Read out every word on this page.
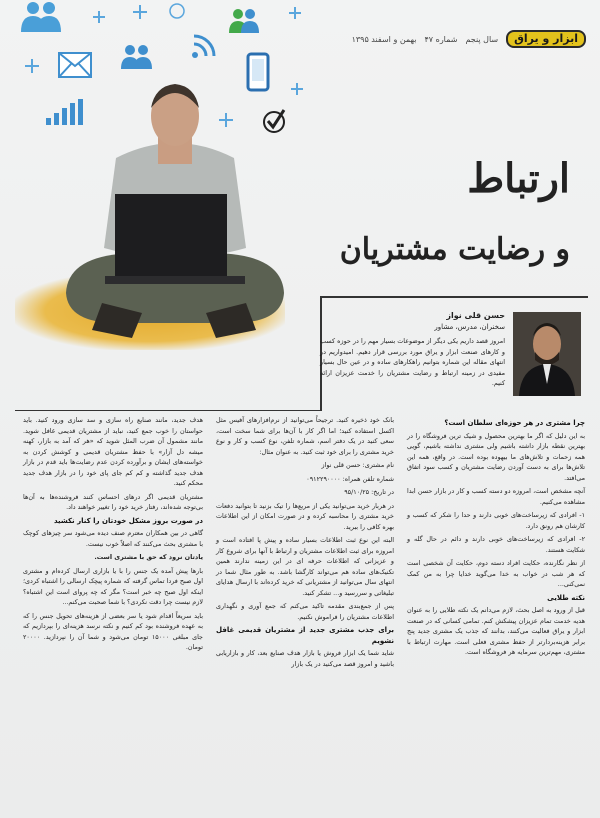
ابزار و یراق
سال پنجم
شماره ۴۷
بهمن و اسفند ۱۳۹۵
ارتباط
و رضایت مشتریان
حسن قلی نواز
سخنران، مدرس، مشاور
امروز قصد داریم یکی دیگر از موضوعات بسیار مهم را در حوزه کسب و کارهای صنعت ابزار و یراق مورد بررسی قرار دهیم. امیدواریم در انتهای مقاله این شماره بتوانیم راهکارهای ساده و در عین حال بسیار مفیدی در زمینه ارتباط و رضایت مشتریان را خدمت عزیزان ارائه کنیم.
چرا مشتری در هر حوزه‌ای سلطان است؟

به این دلیل که اگر ما بهترین محصول و شیک ترین فروشگاه را در بهترین نقطه بازار داشته باشیم ولی مشتری نداشته باشیم، گویی همه زحمات و تلاش‌های ما بیهوده بوده است. در واقع، همه این تلاش‌ها برای به دست آوردن رضایت مشتریان و کسب سود اتفاق می‌افتد.

آنچه مشخص است، امروزه دو دسته کسب و کار در بازار حسن ابدا مشاهده می‌کنیم.

۱- افرادی که زیرساخت‌های خوبی دارند و حدا را شکر که کسب و کارشان هم رونق دارد.

۲- افرادی که زیرساخت‌های خوبی دارند و دائم در حال گله و شکایت هستند.

از نظر نگارنده، حکایت افراد دسته دوم، حکایت آن شخصی است که هر شب در خواب به خدا می‌گوید خدایا چرا به من کمک نمی‌کنی...

نکته طلایی

قبل از ورود به اصل بحث، لازم می‌دانم یک نکته طلایی را به عنوان هدیه خدمت تمام عزیزان پیشکش کنم. تمامی کسانی که در صنعت ابزار و یراق فعالیت می‌کنند، بدانند که جذب یک مشتری جدید پنج برابر هزینه‌بردارتر از حفظ مشتری فعلی است. مهارت ارتباط با مشتری، مهم‌ترین سرمایه هر فروشگاه است.

بانک خود ذخیره کنید. ترجیحاً می‌توانید از نرم‌افزارهای آفیس مثل اکسل استفاده کنید؛ اما اگر کار با آن‌ها برای شما سخت است، سعی کنید در یک دفتر اسم، شماره تلفن، نوع کسب و کار و نوع خرید مشتری را برای خود ثبت کنید. به عنوان مثال:

نام مشتری: حسن قلی نواز

شماره تلفن همراه: ۰۹۱۲۲۹۰۰۰۰

در تاریخ: ۹۵/۱۰/۲۵

در هربار خرید می‌توانید یکی از مربع‌ها را تیک بزنید تا بتوانید دفعات خرید مشتری را محاسبه کرده و در صورت امکان از این اطلاعات بهره کافی را ببرید.

البته این نوع ثبت اطلاعات بسیار ساده و پیش پا افتاده است و امروزه برای ثبت اطلاعات مشتریان و ارتباط با آنها برای شروع کار و عزیزانی که اطلاعات حرفه ای در این زمینه ندارند همین تکنیک‌های ساده هم می‌تواند کارگشا باشد. به طور مثال شما در انتهای سال می‌توانید از مشتریانی که خرید کرده‌اند با ارسال هدایای تبلیغاتی و سررسید و... تشکر کنید.

پس از جمع‌بندی مقدمه تاکید می‌کنم که جمع آوری و نگهداری اطلاعات مشتریان را فراموش نکنیم.

برای جذب مشتری جدید از مشتریان قدیمی غافل نشویم

شاید شما یک ابزار فروش یا بازار هدف صنایع بعد، کار و بازاریابی باشید و امروز قصد می‌کنید در یک بازار

هدف جدید، مانند صنایع راه سازی و سد سازی ورود کنید. باید حواستان را خوب جمع کنید، نباید از مشتریان قدیمی غافل شوید. مانند مشمول آن ضرب المثل شوید که «هر که آمد به بازار، کهنه میشه دل آزار» با حفظ مشتریان قدیمی و کوشش کردن به خواسته‌های ایشان و برآورده کردن عدم رضایت‌ها باید قدم در بازار هدف جدید گذاشته و کم کم جای پای خود را در بازار هدف جدید محکم کنید.

مشتریان قدیمی اگر درهای احساس کنند فروشنده‌ها به آن‌ها بی‌توجه شده‌اند، رفتار خرید خود را تغییر خواهند داد.

در صورت بروز مشکل خودتان را کنار نکشید

گاهی در بین همکاران معترم صنف دیده می‌شود سر چیزهای کوچک با مشتری بحث می‌کنند که اصلاً خوب نیست.

یادتان نرود که حق با مشتری است.

بارها پیش آمده یک جنس را با یا بازاری ارسال کرده‌ام و مشتری اول صبح فردا تماس گرفته که شماره پیچک ارسالی را اشتباه کردی؛ اینکه اول صبح چه خبر است؟ مگر که چه پروای است این اشتباه؟ لازم نیست چرا دقت نکردی؟ با شما صحبت می‌کنم...

باید سریعاً اقدام شود یا سر بعضی از هزینه‌های تحویل جنس را که به عهده فروشنده بود کم کنیم و نکته نرسد هزینه‌ای را بپردازیم که جای مبلغی ۱۵۰۰۰ تومان می‌شود و شما آن را نپردازید. ۲۰۰۰۰ تومان.
